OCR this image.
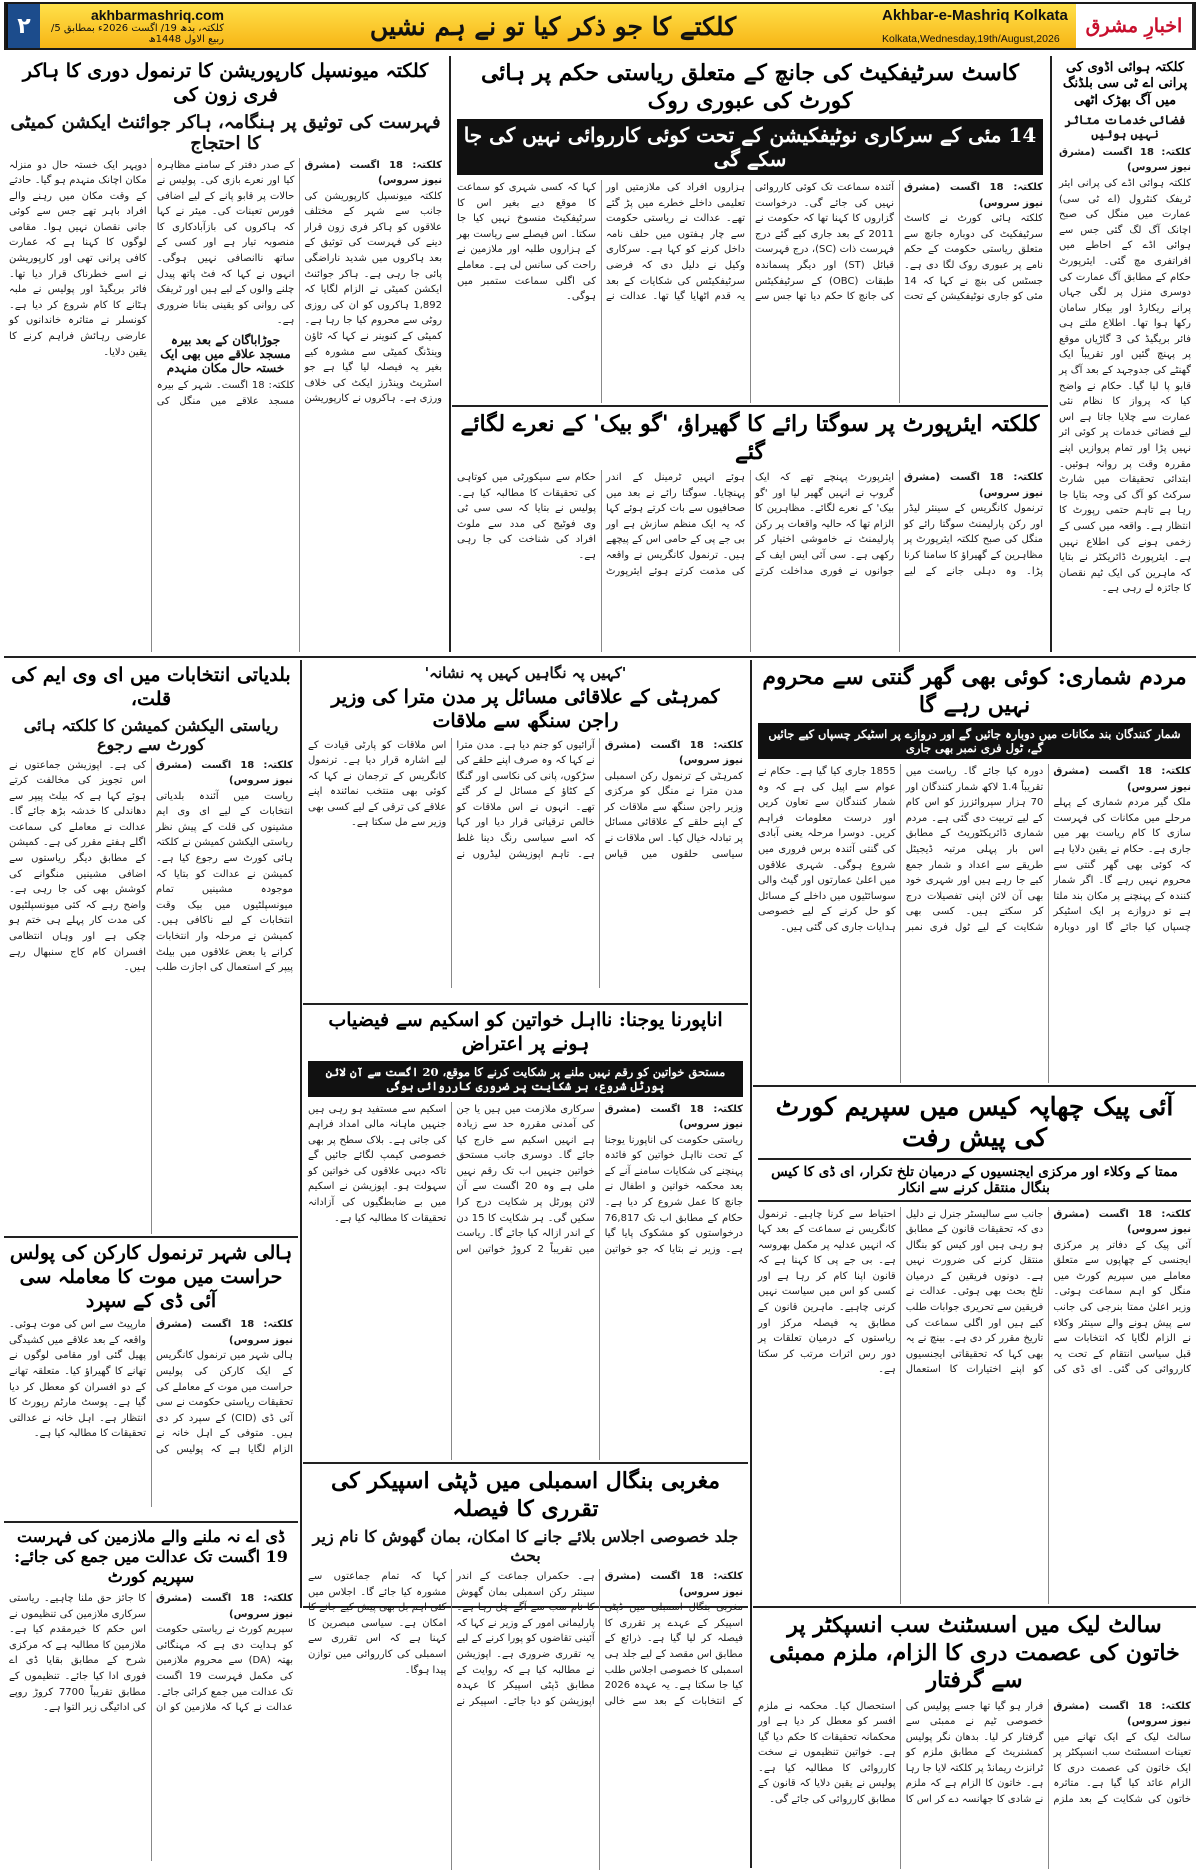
۲	akhbarmashriq.com
کلکتہ، بدھ 19/ اگست 2026ء بمطابق 5/ ربیع الاول 1448ھ	کلکتے کا جو ذکر کیا تو نے ہم نشیں	Akhbar-e-Mashriq Kolkata
Kolkata,Wednesday,19th/August,2026
اخبارِ مشرق
کلکتہ ہوائی اڈوی کی پرانی اے ٹی سی بلڈنگ میں آگ بھڑک اٹھی
فضائی خدمات متاثر نہیں ہوئیں

کلکتہ: 18 اگست (مشرق نیوز سروس)

کلکتہ ہوائی اڈے کی پرانی ایئر ٹریفک کنٹرول (اے ٹی سی) عمارت میں منگل کی صبح اچانک آگ لگ گئی جس سے ہوائی اڈے کے احاطے میں افراتفری مچ گئی۔ ایئرپورٹ حکام کے مطابق آگ عمارت کی دوسری منزل پر لگی جہاں پرانے ریکارڈ اور بیکار سامان رکھا ہوا تھا۔ اطلاع ملتے ہی فائر بریگیڈ کی 3 گاڑیاں موقع پر پہنچ گئیں اور تقریباً ایک گھنٹے کی جدوجہد کے بعد آگ پر قابو پا لیا گیا۔ حکام نے واضح کیا کہ پرواز کا نظام نئی عمارت سے چلایا جاتا ہے اس لیے فضائی خدمات پر کوئی اثر نہیں پڑا اور تمام پروازیں اپنے مقررہ وقت پر روانہ ہوئیں۔ ابتدائی تحقیقات میں شارٹ سرکٹ کو آگ کی وجہ بتایا جا رہا ہے تاہم حتمی رپورٹ کا انتظار ہے۔ واقعہ میں کسی کے زخمی ہونے کی اطلاع نہیں ہے۔ ایئرپورٹ ڈائریکٹر نے بتایا کہ ماہرین کی ایک ٹیم نقصان کا جائزہ لے رہی ہے۔

کاسٹ سرٹیفکیٹ کی جانچ کے متعلق ریاستی حکم پر ہائی کورٹ کی عبوری روک
14 مئی کے سرکاری نوٹیفکیشن کے تحت کوئی کارروائی نہیں کی جا سکے گی

کلکتہ: 18 اگست (مشرق نیوز سروس)

کلکتہ ہائی کورٹ نے کاسٹ سرٹیفکیٹ کی دوبارہ جانچ سے متعلق ریاستی حکومت کے حکم نامے پر عبوری روک لگا دی ہے۔ جسٹس کی بنچ نے کہا کہ 14 مئی کو جاری نوٹیفکیشن کے تحت آئندہ سماعت تک کوئی کارروائی نہیں کی جائے گی۔ درخواست گزاروں کا کہنا تھا کہ حکومت نے 2011 کے بعد جاری کیے گئے درج فہرست ذات (SC)، درج فہرست قبائل (ST) اور دیگر پسماندہ طبقات (OBC) کے سرٹیفکیٹس کی جانچ کا حکم دیا تھا جس سے ہزاروں افراد کی ملازمتیں اور تعلیمی داخلے خطرے میں پڑ گئے تھے۔ عدالت نے ریاستی حکومت سے چار ہفتوں میں حلف نامہ داخل کرنے کو کہا ہے۔ سرکاری وکیل نے دلیل دی کہ فرضی سرٹیفکیٹس کی شکایات کے بعد یہ قدم اٹھایا گیا تھا۔ عدالت نے کہا کہ کسی شہری کو سماعت کا موقع دیے بغیر اس کا سرٹیفکیٹ منسوخ نہیں کیا جا سکتا۔ اس فیصلے سے ریاست بھر کے ہزاروں طلبہ اور ملازمین نے راحت کی سانس لی ہے۔ معاملے کی اگلی سماعت ستمبر میں ہوگی۔

کلکتہ میونسپل کارپوریشن کا ترنمول دوری کا ہاکر فری زون کی
فہرست کی توثیق پر ہنگامہ، ہاکر جوائنٹ ایکشن کمیٹی کا احتجاج

کلکتہ: 18 اگست (مشرق نیوز سروس)

کلکتہ میونسپل کارپوریشن کی جانب سے شہر کے مختلف علاقوں کو ہاکر فری زون قرار دینے کی فہرست کی توثیق کے بعد ہاکروں میں شدید ناراضگی پائی جا رہی ہے۔ ہاکر جوائنٹ ایکشن کمیٹی نے الزام لگایا کہ 1,892 ہاکروں کو ان کی روزی روٹی سے محروم کیا جا رہا ہے۔ کمیٹی کے کنوینر نے کہا کہ ٹاؤن وینڈنگ کمیٹی سے مشورہ کیے بغیر یہ فیصلہ لیا گیا ہے جو اسٹریٹ وینڈرز ایکٹ کی خلاف ورزی ہے۔ ہاکروں نے کارپوریشن کے صدر دفتر کے سامنے مظاہرہ کیا اور نعرے بازی کی۔ پولیس نے حالات پر قابو پانے کے لیے اضافی فورس تعینات کی۔ میئر نے کہا کہ ہاکروں کی بازآبادکاری کا منصوبہ تیار ہے اور کسی کے ساتھ ناانصافی نہیں ہوگی۔ انہوں نے کہا کہ فٹ پاتھ پیدل چلنے والوں کے لیے ہیں اور ٹریفک کی روانی کو یقینی بنانا ضروری ہے۔

جوڑاباگان کے بعد بیرہ مسجد علاقے میں بھی ایک خستہ حال مکان منہدم

کلکتہ: 18 اگست۔ شہر کے بیرہ مسجد علاقے میں منگل کی دوپہر ایک خستہ حال دو منزلہ مکان اچانک منہدم ہو گیا۔ حادثے کے وقت مکان میں رہنے والے افراد باہر تھے جس سے کوئی جانی نقصان نہیں ہوا۔ مقامی لوگوں کا کہنا ہے کہ عمارت کافی پرانی تھی اور کارپوریشن نے اسے خطرناک قرار دیا تھا۔ فائر بریگیڈ اور پولیس نے ملبہ ہٹانے کا کام شروع کر دیا ہے۔ کونسلر نے متاثرہ خاندانوں کو عارضی رہائش فراہم کرنے کا یقین دلایا۔

کلکتہ ایئرپورٹ پر سوگتا رائے کا گھیراؤ، 'گو بیک' کے نعرے لگائے گئے

کلکتہ: 18 اگست (مشرق نیوز سروس)

ترنمول کانگریس کے سینئر لیڈر اور رکن پارلیمنٹ سوگتا رائے کو منگل کی صبح کلکتہ ایئرپورٹ پر مظاہرین کے گھیراؤ کا سامنا کرنا پڑا۔ وہ دہلی جانے کے لیے ایئرپورٹ پہنچے تھے کہ ایک گروپ نے انہیں گھیر لیا اور 'گو بیک' کے نعرے لگائے۔ مظاہرین کا الزام تھا کہ حالیہ واقعات پر رکن پارلیمنٹ نے خاموشی اختیار کر رکھی ہے۔ سی آئی ایس ایف کے جوانوں نے فوری مداخلت کرتے ہوئے انہیں ٹرمینل کے اندر پہنچایا۔ سوگتا رائے نے بعد میں صحافیوں سے بات کرتے ہوئے کہا کہ یہ ایک منظم سازش ہے اور بی جے پی کے حامی اس کے پیچھے ہیں۔ ترنمول کانگریس نے واقعہ کی مذمت کرتے ہوئے ایئرپورٹ حکام سے سیکورٹی میں کوتاہی کی تحقیقات کا مطالبہ کیا ہے۔ پولیس نے بتایا کہ سی سی ٹی وی فوٹیج کی مدد سے ملوث افراد کی شناخت کی جا رہی ہے۔

مردم شماری: کوئی بھی گھر گنتی سے محروم نہیں رہے گا
شمار کنندگان بند مکانات میں دوبارہ جائیں گے اور دروازے پر اسٹیکر چسپاں کیے جائیں گے، ٹول فری نمبر بھی جاری

کلکتہ: 18 اگست (مشرق نیوز سروس)

ملک گیر مردم شماری کے پہلے مرحلے میں مکانات کی فہرست سازی کا کام ریاست بھر میں جاری ہے۔ حکام نے یقین دلایا ہے کہ کوئی بھی گھر گنتی سے محروم نہیں رہے گا۔ اگر شمار کنندہ کے پہنچنے پر مکان بند ملتا ہے تو دروازے پر ایک اسٹیکر چسپاں کیا جائے گا اور دوبارہ دورہ کیا جائے گا۔ ریاست میں تقریباً 1.4 لاکھ شمار کنندگان اور 70 ہزار سپروائزرز کو اس کام کے لیے تربیت دی گئی ہے۔ مردم شماری ڈائریکٹوریٹ کے مطابق اس بار پہلی مرتبہ ڈیجیٹل طریقے سے اعداد و شمار جمع کیے جا رہے ہیں اور شہری خود بھی آن لائن اپنی تفصیلات درج کر سکتے ہیں۔ کسی بھی شکایت کے لیے ٹول فری نمبر 1855 جاری کیا گیا ہے۔ حکام نے عوام سے اپیل کی ہے کہ وہ شمار کنندگان سے تعاون کریں اور درست معلومات فراہم کریں۔ دوسرا مرحلہ یعنی آبادی کی گنتی آئندہ برس فروری میں شروع ہوگی۔ شہری علاقوں میں اعلیٰ عمارتوں اور گیٹ والی سوسائٹیوں میں داخلے کے مسائل کو حل کرنے کے لیے خصوصی ہدایات جاری کی گئی ہیں۔

'کہیں پہ نگاہیں کہیں پہ نشانہ'
کمرہٹی کے علاقائی مسائل پر مدن مترا کی وزیر راجن سنگھ سے ملاقات

کلکتہ: 18 اگست (مشرق نیوز سروس)

کمرہٹی کے ترنمول رکن اسمبلی مدن مترا نے منگل کو مرکزی وزیر راجن سنگھ سے ملاقات کر کے اپنے حلقے کے علاقائی مسائل پر تبادلہ خیال کیا۔ اس ملاقات نے سیاسی حلقوں میں قیاس آرائیوں کو جنم دیا ہے۔ مدن مترا نے کہا کہ وہ صرف اپنے حلقے کی سڑکوں، پانی کی نکاسی اور گنگا کے کٹاؤ کے مسائل لے کر گئے تھے۔ انہوں نے اس ملاقات کو خالص ترقیاتی قرار دیا اور کہا کہ اسے سیاسی رنگ دینا غلط ہے۔ تاہم اپوزیشن لیڈروں نے اس ملاقات کو پارٹی قیادت کے لیے اشارہ قرار دیا ہے۔ ترنمول کانگریس کے ترجمان نے کہا کہ کوئی بھی منتخب نمائندہ اپنے علاقے کی ترقی کے لیے کسی بھی وزیر سے مل سکتا ہے۔

بلدیاتی انتخابات میں ای وی ایم کی قلت،
ریاستی الیکشن کمیشن کا کلکتہ ہائی کورٹ سے رجوع

کلکتہ: 18 اگست (مشرق نیوز سروس)

ریاست میں آئندہ بلدیاتی انتخابات کے لیے ای وی ایم مشینوں کی قلت کے پیش نظر ریاستی الیکشن کمیشن نے کلکتہ ہائی کورٹ سے رجوع کیا ہے۔ کمیشن نے عدالت کو بتایا کہ موجودہ مشینیں تمام میونسپلٹیوں میں بیک وقت انتخابات کے لیے ناکافی ہیں۔ کمیشن نے مرحلہ وار انتخابات کرانے یا بعض علاقوں میں بیلٹ پیپر کے استعمال کی اجازت طلب کی ہے۔ اپوزیشن جماعتوں نے اس تجویز کی مخالفت کرتے ہوئے کہا ہے کہ بیلٹ پیپر سے دھاندلی کا خدشہ بڑھ جائے گا۔ عدالت نے معاملے کی سماعت اگلے ہفتے مقرر کی ہے۔ کمیشن کے مطابق دیگر ریاستوں سے اضافی مشینیں منگوانے کی کوشش بھی کی جا رہی ہے۔ واضح رہے کہ کئی میونسپلٹیوں کی مدت کار پہلے ہی ختم ہو چکی ہے اور وہاں انتظامی افسران کام کاج سنبھال رہے ہیں۔

ہالی شہر ترنمول کارکن کی پولس حراست میں موت کا معاملہ سی آئی ڈی کے سپرد

کلکتہ: 18 اگست (مشرق نیوز سروس)

ہالی شہر میں ترنمول کانگریس کے ایک کارکن کی پولیس حراست میں موت کے معاملے کی تحقیقات ریاستی حکومت نے سی آئی ڈی (CID) کے سپرد کر دی ہیں۔ متوفی کے اہل خانہ نے الزام لگایا ہے کہ پولیس کی مارپیٹ سے اس کی موت ہوئی۔ واقعہ کے بعد علاقے میں کشیدگی پھیل گئی اور مقامی لوگوں نے تھانے کا گھیراؤ کیا۔ متعلقہ تھانے کے دو افسران کو معطل کر دیا گیا ہے۔ پوسٹ مارٹم رپورٹ کا انتظار ہے۔ اہل خانہ نے عدالتی تحقیقات کا مطالبہ کیا ہے۔

ڈی اے نہ ملنے والے ملازمین کی فہرست 19 اگست تک عدالت میں جمع کی جائے: سپریم کورٹ

کلکتہ: 18 اگست (مشرق نیوز سروس)

سپریم کورٹ نے ریاستی حکومت کو ہدایت دی ہے کہ مہنگائی بھتہ (DA) سے محروم ملازمین کی مکمل فہرست 19 اگست تک عدالت میں جمع کرائی جائے۔ عدالت نے کہا کہ ملازمین کو ان کا جائز حق ملنا چاہیے۔ ریاستی سرکاری ملازمین کی تنظیموں نے اس حکم کا خیرمقدم کیا ہے۔ ملازمین کا مطالبہ ہے کہ مرکزی شرح کے مطابق بقایا ڈی اے فوری ادا کیا جائے۔ تنظیموں کے مطابق تقریباً 7700 کروڑ روپے کی ادائیگی زیر التوا ہے۔

اناپورنا یوجنا: نااہل خواتین کو اسکیم سے فیضیاب ہونے پر اعتراض
مستحق خواتین کو رقم نہیں ملنے پر شکایت کرنے کا موقع، 20 اگست سے آن لائن پورٹل شروع، ہر شکایت پر ضروری کارروائی ہوگی

کلکتہ: 18 اگست (مشرق نیوز سروس)

ریاستی حکومت کی اناپورنا یوجنا کے تحت نااہل خواتین کو فائدہ پہنچنے کی شکایات سامنے آنے کے بعد محکمہ خواتین و اطفال نے جانچ کا عمل شروع کر دیا ہے۔ حکام کے مطابق اب تک 76,817 درخواستوں کو مشکوک پایا گیا ہے۔ وزیر نے بتایا کہ جو خواتین سرکاری ملازمت میں ہیں یا جن کی آمدنی مقررہ حد سے زیادہ ہے انہیں اسکیم سے خارج کیا جائے گا۔ دوسری جانب مستحق خواتین جنہیں اب تک رقم نہیں ملی ہے وہ 20 اگست سے آن لائن پورٹل پر شکایت درج کرا سکیں گی۔ ہر شکایت کا 15 دن کے اندر ازالہ کیا جائے گا۔ ریاست میں تقریباً 2 کروڑ خواتین اس اسکیم سے مستفید ہو رہی ہیں جنہیں ماہانہ مالی امداد فراہم کی جاتی ہے۔ بلاک سطح پر بھی خصوصی کیمپ لگائے جائیں گے تاکہ دیہی علاقوں کی خواتین کو سہولت ہو۔ اپوزیشن نے اسکیم میں بے ضابطگیوں کی آزادانہ تحقیقات کا مطالبہ کیا ہے۔

آئی پیک چھاپہ کیس میں سپریم کورٹ کی پیش رفت
ممتا کے وکلاء اور مرکزی ایجنسیوں کے درمیان تلخ تکرار، ای ڈی کا کیس بنگال منتقل کرنے سے انکار

کلکتہ: 18 اگست (مشرق نیوز سروس)

آئی پیک کے دفاتر پر مرکزی ایجنسی کے چھاپوں سے متعلق معاملے میں سپریم کورٹ میں منگل کو اہم سماعت ہوئی۔ وزیر اعلیٰ ممتا بنرجی کی جانب سے پیش ہونے والے سینئر وکلاء نے الزام لگایا کہ انتخابات سے قبل سیاسی انتقام کے تحت یہ کارروائی کی گئی۔ ای ڈی کی جانب سے سالیسٹر جنرل نے دلیل دی کہ تحقیقات قانون کے مطابق ہو رہی ہیں اور کیس کو بنگال منتقل کرنے کی ضرورت نہیں ہے۔ دونوں فریقین کے درمیان تلخ بحث بھی ہوئی۔ عدالت نے فریقین سے تحریری جوابات طلب کیے ہیں اور اگلی سماعت کی تاریخ مقرر کر دی ہے۔ بینچ نے یہ بھی کہا کہ تحقیقاتی ایجنسیوں کو اپنے اختیارات کا استعمال احتیاط سے کرنا چاہیے۔ ترنمول کانگریس نے سماعت کے بعد کہا کہ انہیں عدلیہ پر مکمل بھروسہ ہے۔ بی جے پی کا کہنا ہے کہ قانون اپنا کام کر رہا ہے اور کسی کو اس میں سیاست نہیں کرنی چاہیے۔ ماہرین قانون کے مطابق یہ فیصلہ مرکز اور ریاستوں کے درمیان تعلقات پر دور رس اثرات مرتب کر سکتا ہے۔

مغربی بنگال اسمبلی میں ڈپٹی اسپیکر کی تقرری کا فیصلہ
جلد خصوصی اجلاس بلائے جانے کا امکان، بمان گھوش کا نام زیر بحث

کلکتہ: 18 اگست (مشرق نیوز سروس)

مغربی بنگال اسمبلی میں ڈپٹی اسپیکر کے عہدے پر تقرری کا فیصلہ کر لیا گیا ہے۔ ذرائع کے مطابق اس مقصد کے لیے جلد ہی اسمبلی کا خصوصی اجلاس طلب کیا جا سکتا ہے۔ یہ عہدہ 2026 کے انتخابات کے بعد سے خالی ہے۔ حکمراں جماعت کے اندر سینئر رکن اسمبلی بمان گھوش کا نام سب سے آگے چل رہا ہے۔ پارلیمانی امور کے وزیر نے کہا کہ آئینی تقاضوں کو پورا کرنے کے لیے یہ تقرری ضروری ہے۔ اپوزیشن نے مطالبہ کیا ہے کہ روایت کے مطابق ڈپٹی اسپیکر کا عہدہ اپوزیشن کو دیا جائے۔ اسپیکر نے کہا کہ تمام جماعتوں سے مشورہ کیا جائے گا۔ اجلاس میں کئی اہم بل بھی پیش کیے جانے کا امکان ہے۔ سیاسی مبصرین کا کہنا ہے کہ اس تقرری سے اسمبلی کی کارروائی میں توازن پیدا ہوگا۔

سالٹ لیک میں اسسٹنٹ سب انسپکٹر پر خاتون کی عصمت دری کا الزام، ملزم ممبئی سے گرفتار

کلکتہ: 18 اگست (مشرق نیوز سروس)

سالٹ لیک کے ایک تھانے میں تعینات اسسٹنٹ سب انسپکٹر پر ایک خاتون کی عصمت دری کا الزام عائد کیا گیا ہے۔ متاثرہ خاتون کی شکایت کے بعد ملزم فرار ہو گیا تھا جسے پولیس کی خصوصی ٹیم نے ممبئی سے گرفتار کر لیا۔ بدھان نگر پولیس کمشنریٹ کے مطابق ملزم کو ٹرانزٹ ریمانڈ پر کلکتہ لایا جا رہا ہے۔ خاتون کا الزام ہے کہ ملزم نے شادی کا جھانسہ دے کر اس کا استحصال کیا۔ محکمہ نے ملزم افسر کو معطل کر دیا ہے اور محکمانہ تحقیقات کا حکم دیا گیا ہے۔ خواتین تنظیموں نے سخت کارروائی کا مطالبہ کیا ہے۔ پولیس نے یقین دلایا کہ قانون کے مطابق کارروائی کی جائے گی۔
